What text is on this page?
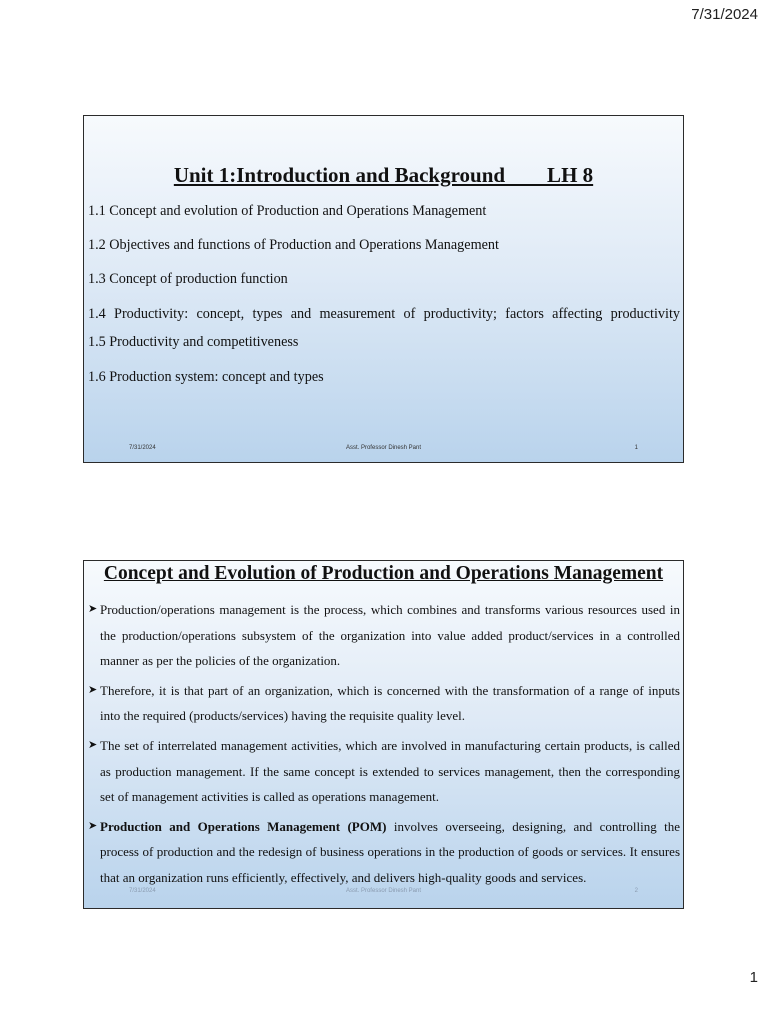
7/31/2024
Unit 1:Introduction and Background        LH 8
1.1 Concept and evolution of Production and Operations Management
1.2 Objectives and functions of Production and Operations Management
1.3 Concept of production function
1.4 Productivity: concept, types and measurement of productivity; factors affecting productivity
1.5 Productivity and competitiveness
1.6 Production system: concept and types
7/31/2024	Asst. Professor Dinesh Pant	1
Concept and Evolution of Production and Operations Management
➤ Production/operations management is the process, which combines and transforms various resources used in the production/operations subsystem of the organization into value added product/services in a controlled manner as per the policies of the organization.
➤ Therefore, it is that part of an organization, which is concerned with the transformation of a range of inputs into the required (products/services) having the requisite quality level.
➤ The set of interrelated management activities, which are involved in manufacturing certain products, is called as production management. If the same concept is extended to services management, then the corresponding set of management activities is called as operations management.
➤ Production and Operations Management (POM) involves overseeing, designing, and controlling the process of production and the redesign of business operations in the production of goods or services. It ensures that an organization runs efficiently, effectively, and delivers high-quality goods and services.
7/31/2024	Asst. Professor Dinesh Pant	2
1
